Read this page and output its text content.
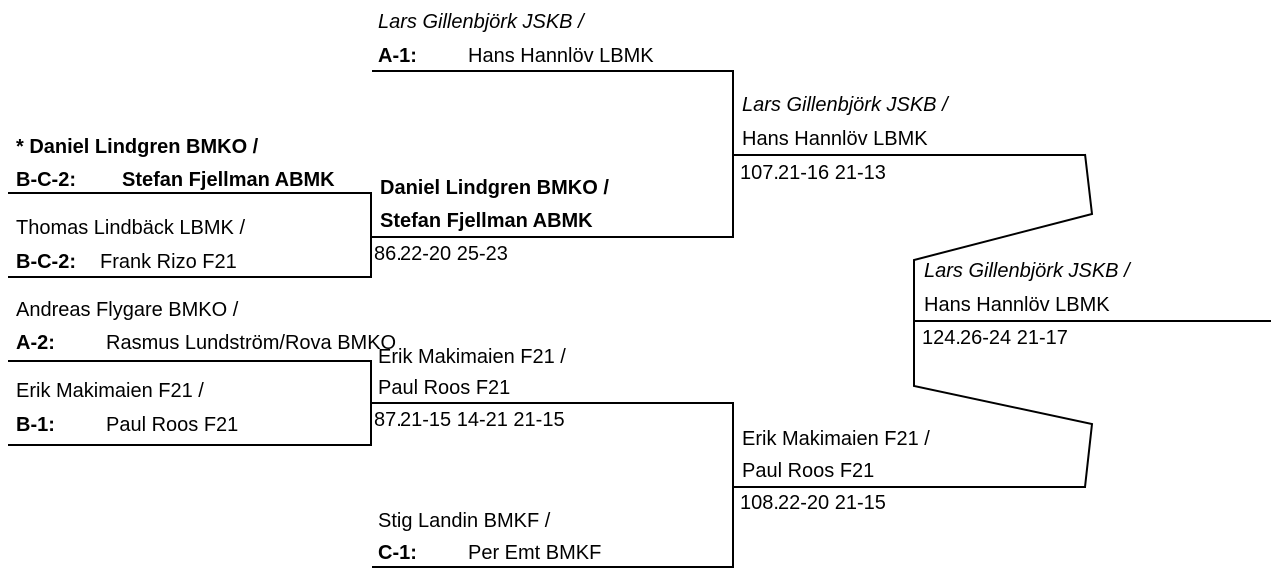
Lars Gillenbjörk JSKB /
A-1:	Hans Hannlöv LBMK
* Daniel Lindgren BMKO /
B-C-2: Stefan Fjellman ABMK
Thomas Lindbäck LBMK /
B-C-2: Frank Rizo F21
Andreas Flygare BMKO /
A-2:	Rasmus Lundström/Rova BMKO
Erik Makimaien F21 /
B-1:	Paul Roos F21
Stig Landin BMKF /
C-1:	Per Emt BMKF
Daniel Lindgren BMKO /
Stefan Fjellman ABMK
86.
22-20 25-23
Erik Makimaien F21 /
Paul Roos F21
87.
21-15 14-21 21-15
Lars Gillenbjörk JSKB /
Hans Hannlöv LBMK
107. 21-16 21-13
Erik Makimaien F21 /
Paul Roos F21
108. 22-20 21-15
Lars Gillenbjörk JSKB /
Hans Hannlöv LBMK
124. 26-24 21-17
